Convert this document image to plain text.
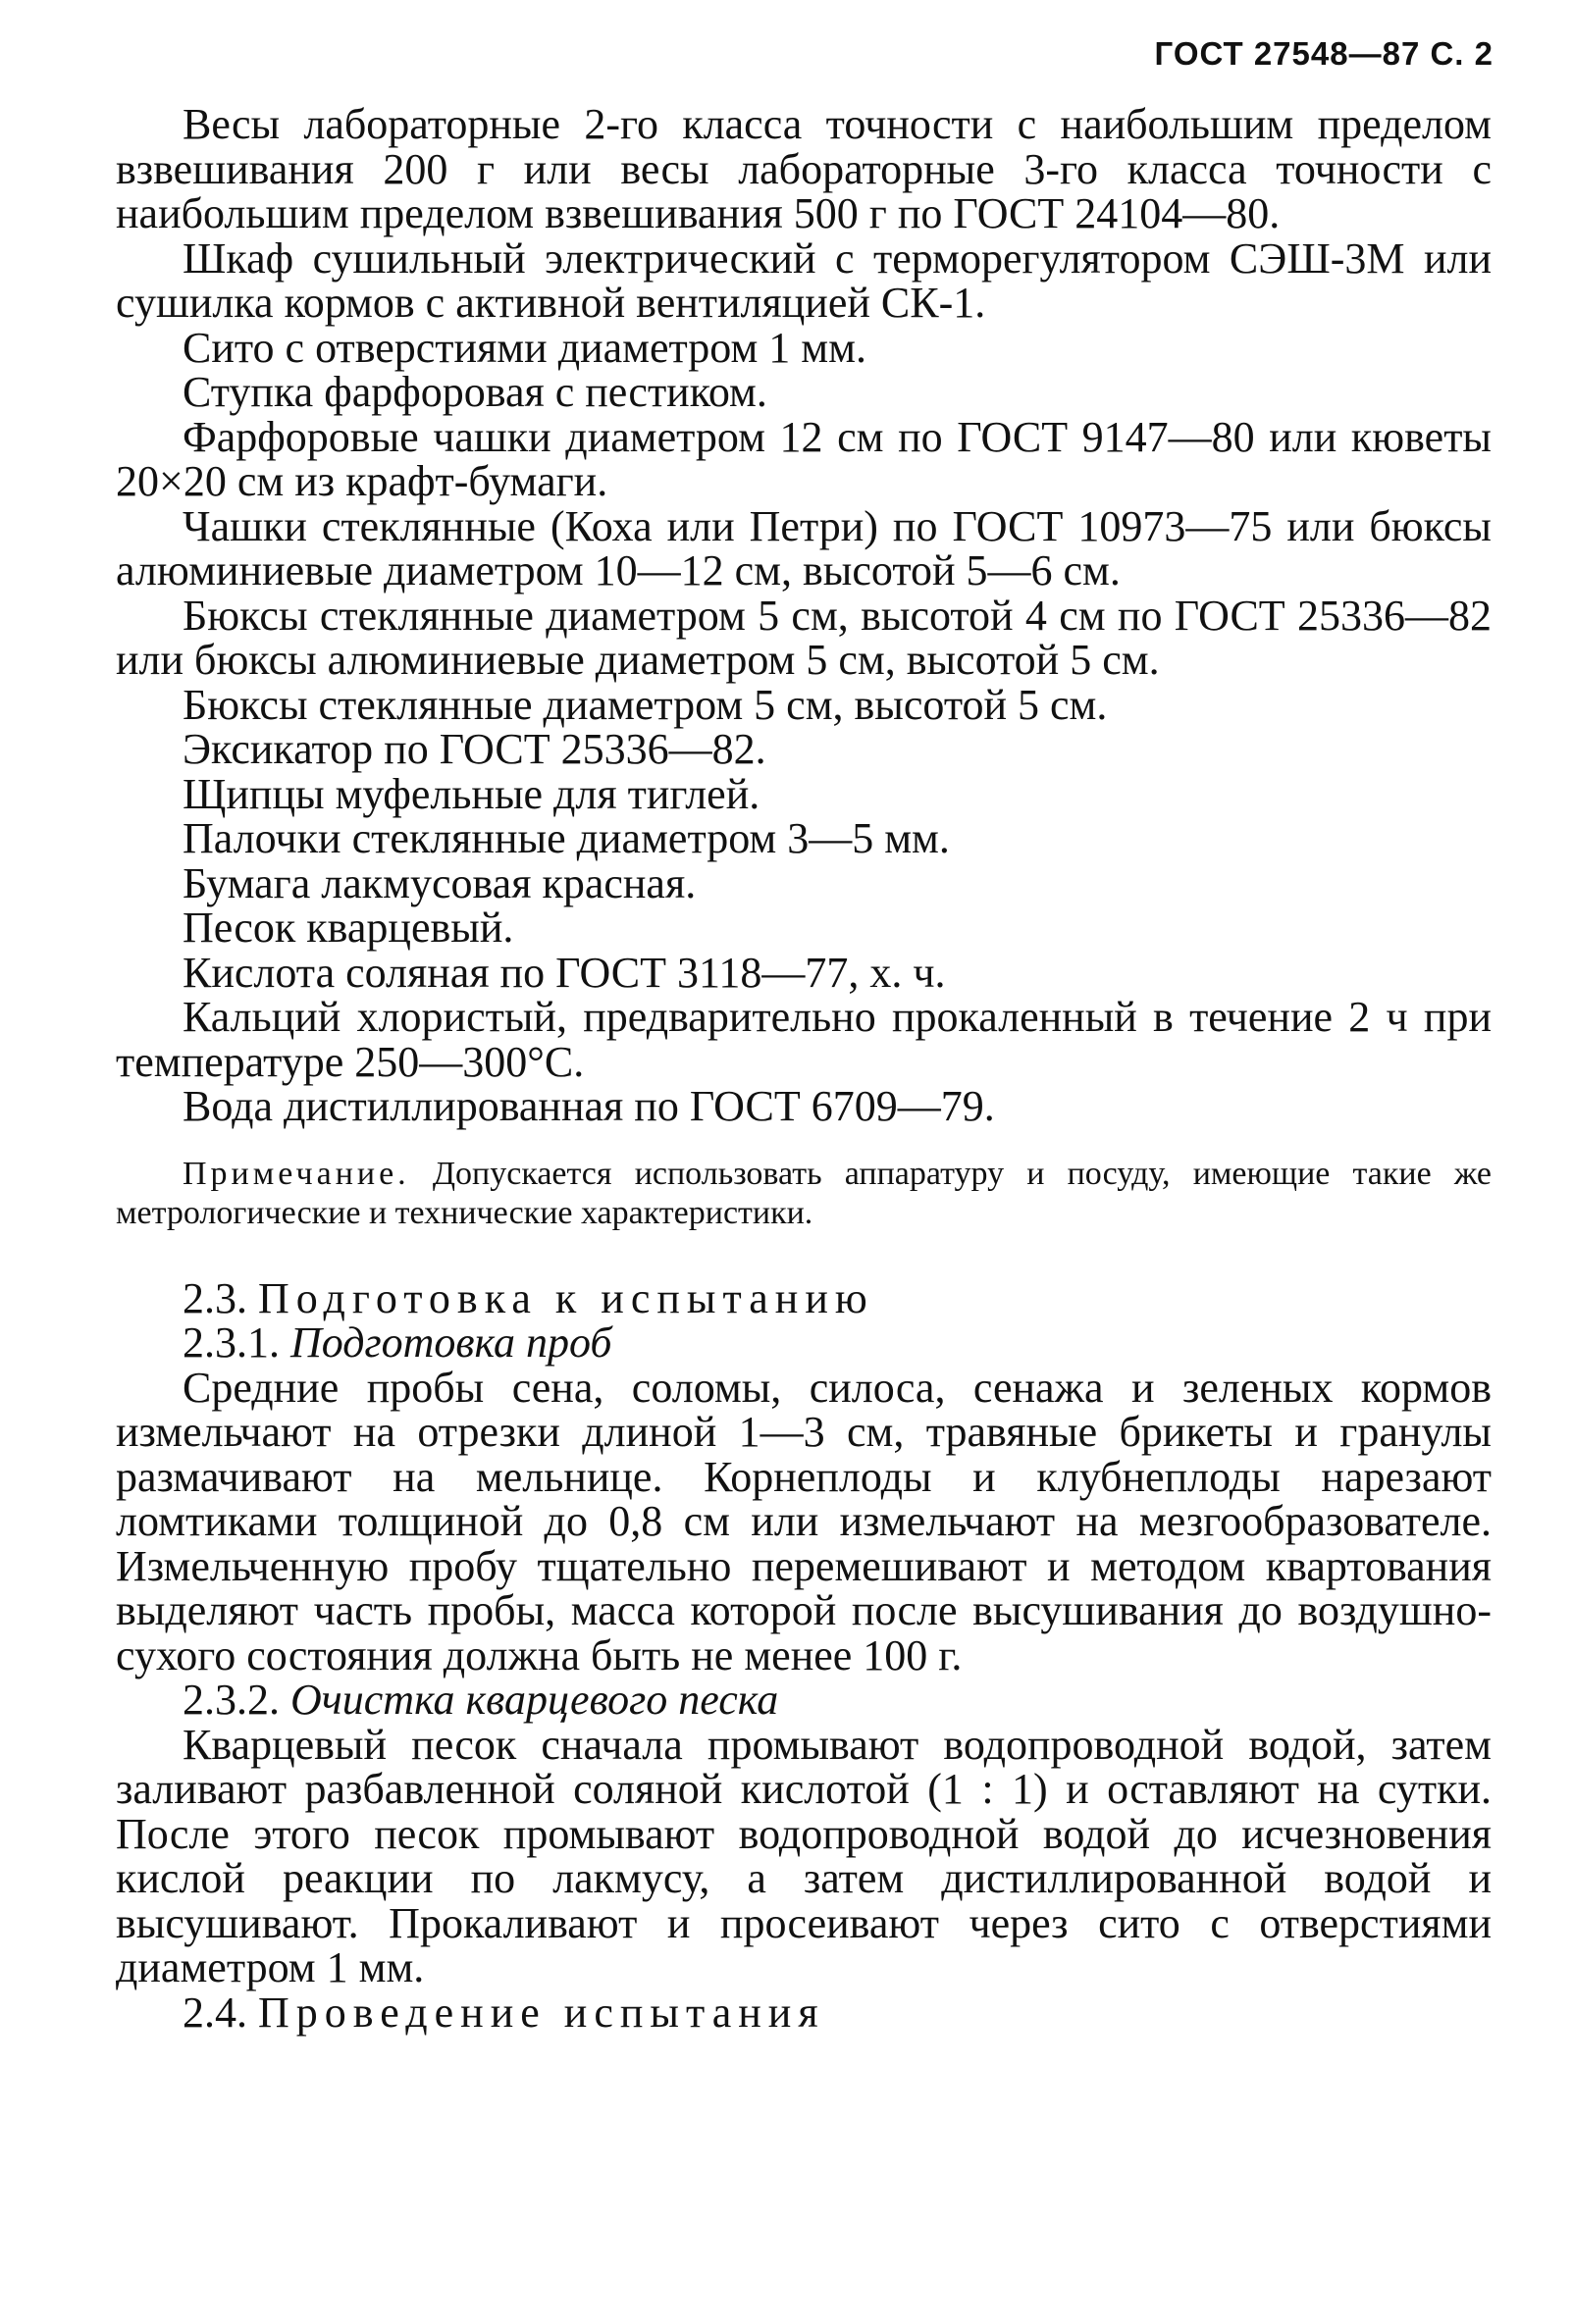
ГОСТ 27548—87 С. 2

Весы лабораторные 2-го класса точности с наибольшим пределом взвешивания 200 г или весы лабораторные 3-го класса точности с наибольшим пределом взвешивания 500 г по ГОСТ 24104—80.

Шкаф сушильный электрический с терморегулятором СЭШ-3М или сушилка кормов с активной вентиляцией СК-1.

Сито с отверстиями диаметром 1 мм.

Ступка фарфоровая с пестиком.

Фарфоровые чашки диаметром 12 см по ГОСТ 9147—80 или кюветы 20×20 см из крафт-бумаги.

Чашки стеклянные (Коха или Петри) по ГОСТ 10973—75 или бюксы алюминиевые диаметром 10—12 см, высотой 5—6 см.

Бюксы стеклянные диаметром 5 см, высотой 4 см по ГОСТ 25336—82 или бюксы алюминиевые диаметром 5 см, высотой 5 см.

Бюксы стеклянные диаметром 5 см, высотой 5 см.

Эксикатор по ГОСТ 25336—82.

Щипцы муфельные для тиглей.

Палочки стеклянные диаметром 3—5 мм.

Бумага лакмусовая красная.

Песок кварцевый.

Кислота соляная по ГОСТ 3118—77, х. ч.

Кальций хлористый, предварительно прокаленный в течение 2 ч при температуре 250—300°С.

Вода дистиллированная по ГОСТ 6709—79.

Примечание. Допускается использовать аппаратуру и посуду, имеющие такие же метрологические и технические характеристики.

2.3. Подготовка к испытанию

2.3.1. Подготовка проб

Средние пробы сена, соломы, силоса, сенажа и зеленых кормов измельчают на отрезки длиной 1—3 см, травяные брикеты и гранулы размачивают на мельнице. Корнеплоды и клубнеплоды нарезают ломтиками толщиной до 0,8 см или измельчают на мезгообразователе. Измельченную пробу тщательно перемешивают и методом квартования выделяют часть пробы, масса которой после высушивания до воздушно-сухого состояния должна быть не менее 100 г.

2.3.2. Очистка кварцевого песка

Кварцевый песок сначала промывают водопроводной водой, затем заливают разбавленной соляной кислотой (1 : 1) и оставляют на сутки. После этого песок промывают водопроводной водой до исчезновения кислой реакции по лакмусу, а затем дистиллированной водой и высушивают. Прокаливают и просеивают через сито с отверстиями диаметром 1 мм.

2.4. Проведение испытания
